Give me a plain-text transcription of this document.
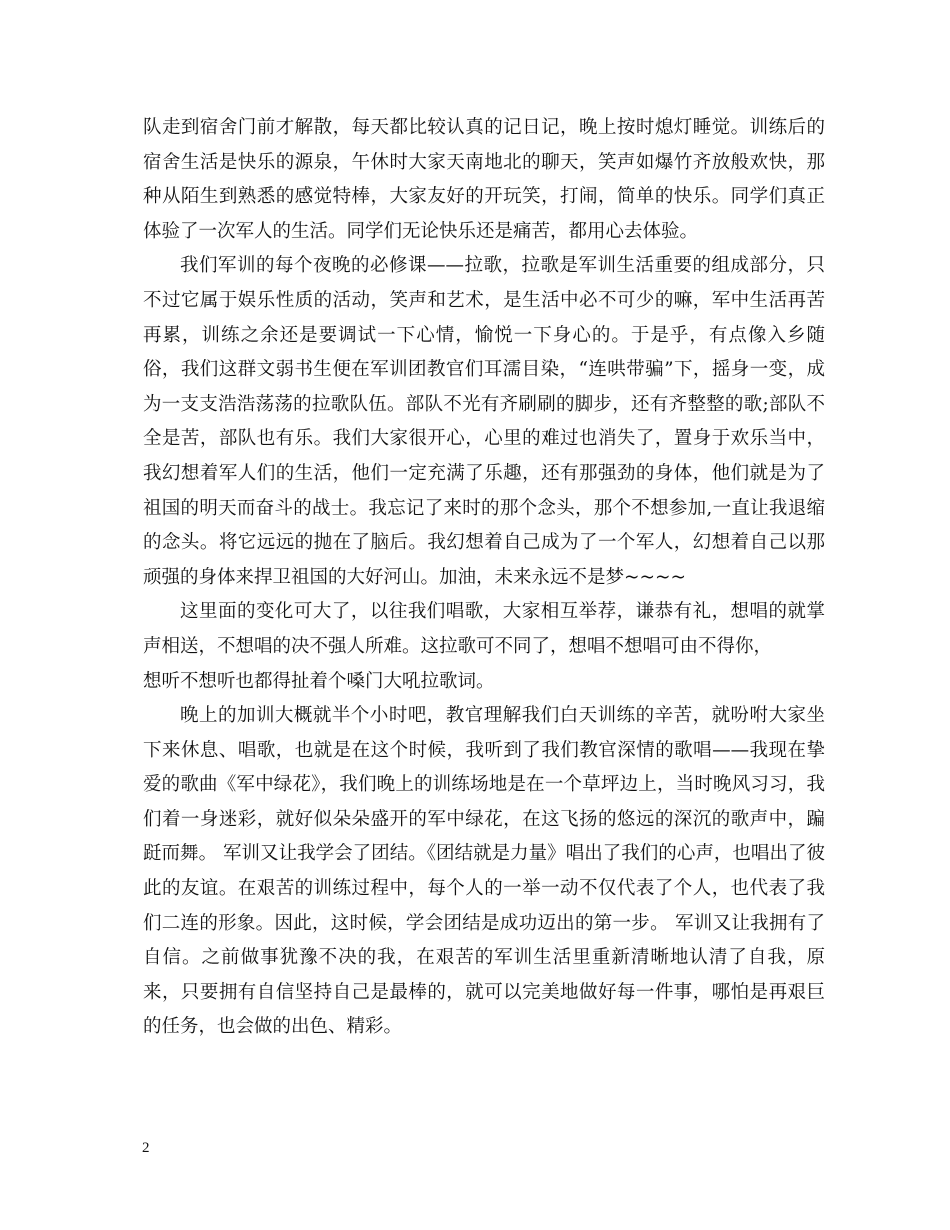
队走到宿舍门前才解散，每天都比较认真的记日记，晚上按时熄灯睡觉。训练后的宿舍生活是快乐的源泉，午休时大家天南地北的聊天，笑声如爆竹齐放般欢快，那种从陌生到熟悉的感觉特棒，大家友好的开玩笑，打闹，简单的快乐。同学们真正体验了一次军人的生活。同学们无论快乐还是痛苦，都用心去体验。

我们军训的每个夜晚的必修课——拉歌，拉歌是军训生活重要的组成部分，只不过它属于娱乐性质的活动，笑声和艺术，是生活中必不可少的嘛，军中生活再苦再累，训练之余还是要调试一下心情，愉悦一下身心的。于是乎，有点像入乡随俗，我们这群文弱书生便在军训团教官们耳濡目染，“连哄带骗”下，摇身一变，成为一支支浩浩荡荡的拉歌队伍。部队不光有齐刷刷的脚步，还有齐整整的歌;部队不全是苦，部队也有乐。我们大家很开心，心里的难过也消失了，置身于欢乐当中，我幻想着军人们的生活，他们一定充满了乐趣，还有那强劲的身体，他们就是为了祖国的明天而奋斗的战士。我忘记了来时的那个念头，那个不想参加,一直让我退缩的念头。将它远远的抛在了脑后。我幻想着自己成为了一个军人，幻想着自己以那顽强的身体来捍卫祖国的大好河山。加油，未来永远不是梦~~~~

这里面的变化可大了，以往我们唱歌，大家相互举荐，谦恭有礼，想唱的就掌声相送，不想唱的决不强人所难。这拉歌可不同了，想唱不想唱可由不得你，
想听不想听也都得扯着个嗓门大吼拉歌词。

晚上的加训大概就半个小时吧，教官理解我们白天训练的辛苦，就吩咐大家坐下来休息、唱歌，也就是在这个时候，我听到了我们教官深情的歌唱——我现在挚爱的歌曲《军中绿花》，我们晚上的训练场地是在一个草坪边上，当时晚风习习，我们着一身迷彩，就好似朵朵盛开的军中绿花，在这飞扬的悠远的深沉的歌声中，蹁跹而舞。 军训又让我学会了团结。《团结就是力量》唱出了我们的心声，也唱出了彼此的友谊。在艰苦的训练过程中，每个人的一举一动不仅代表了个人，也代表了我们二连的形象。因此，这时候，学会团结是成功迈出的第一步。 军训又让我拥有了自信。之前做事犹豫不决的我，在艰苦的军训生活里重新清晰地认清了自我，原来，只要拥有自信坚持自己是最棒的，就可以完美地做好每一件事，哪怕是再艰巨的任务，也会做的出色、精彩。

2
